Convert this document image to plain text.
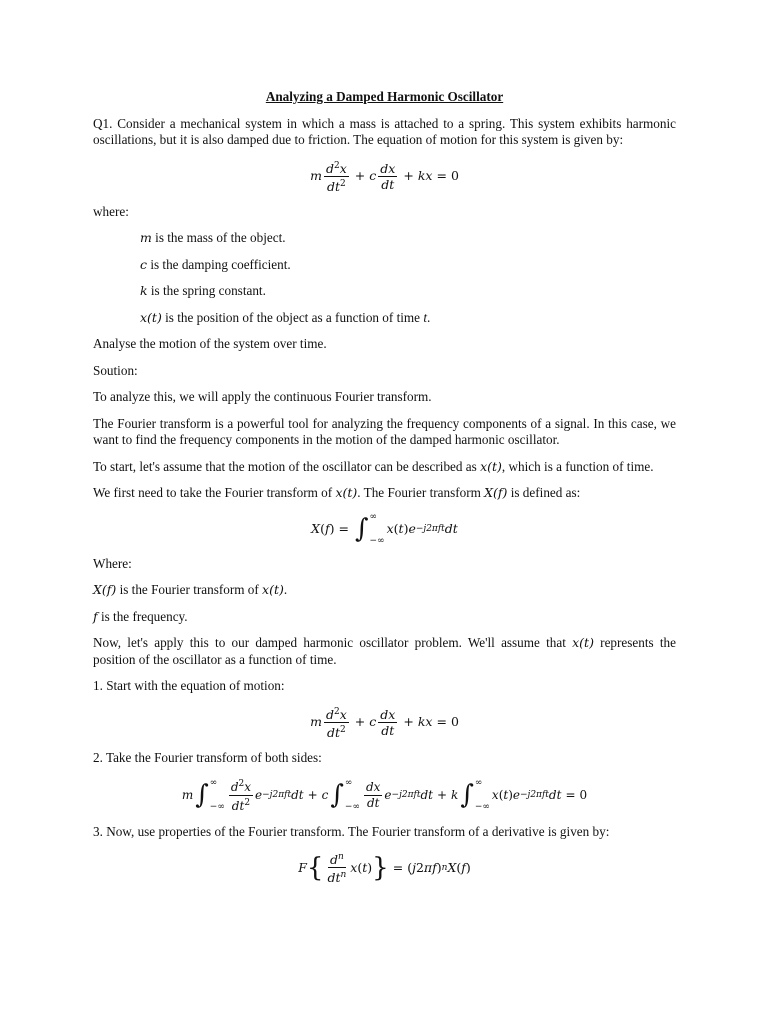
Analyzing a Damped Harmonic Oscillator

Q1. Consider a mechanical system in which a mass is attached to a spring. This system exhibits harmonic oscillations, but it is also damped due to friction. The equation of motion for this system is given by:

m $\frac{d^2x}{dt^2} + c \frac{dx}{dt}$ + kx = 0

where:

m is the mass of the object.
c is the damping coefficient.
k is the spring constant.
x(t) is the position of the object as a function of time t.

Analyse the motion of the system over time.

Soution:

To analyze this, we will apply the continuous Fourier transform.

The Fourier transform is a powerful tool for analyzing the frequency components of a signal. In this case, we want to find the frequency components in the motion of the damped harmonic oscillator.

To start, let's assume that the motion of the oscillator can be described as x(t), which is a function of time.

We first need to take the Fourier transform of x(t). The Fourier transform X(f) is defined as:

X ( f ) = ∫ ∞
−∞
x ( t ) e −j2πft dt

Where:

X(f) is the Fourier transform of x(t).

f is the frequency.

Now, let's apply this to our damped harmonic oscillator problem. We'll assume that x(t) represents the position of the oscillator as a function of time.

1. Start with the equation of motion:

m $\frac{d^2x}{dt^2} + c \frac{dx}{dt}$ + kx = 0

2. Take the Fourier transform of both sides:

m ∫ ∞
−∞ $\frac{d^2x}{dt^2}$ e −j2πft dt + c ∫ ∞
−∞ $\frac{dx}{dt}$ e −j2πft dt + k ∫ ∞
−∞
x ( t ) e −j2πft dt = 0

3. Now, use properties of the Fourier transform. The Fourier transform of a derivative is given by:

F { $\frac{d^n}{dt^n}$ x ( t ) } = ( j 2 πf ) n X ( f )
